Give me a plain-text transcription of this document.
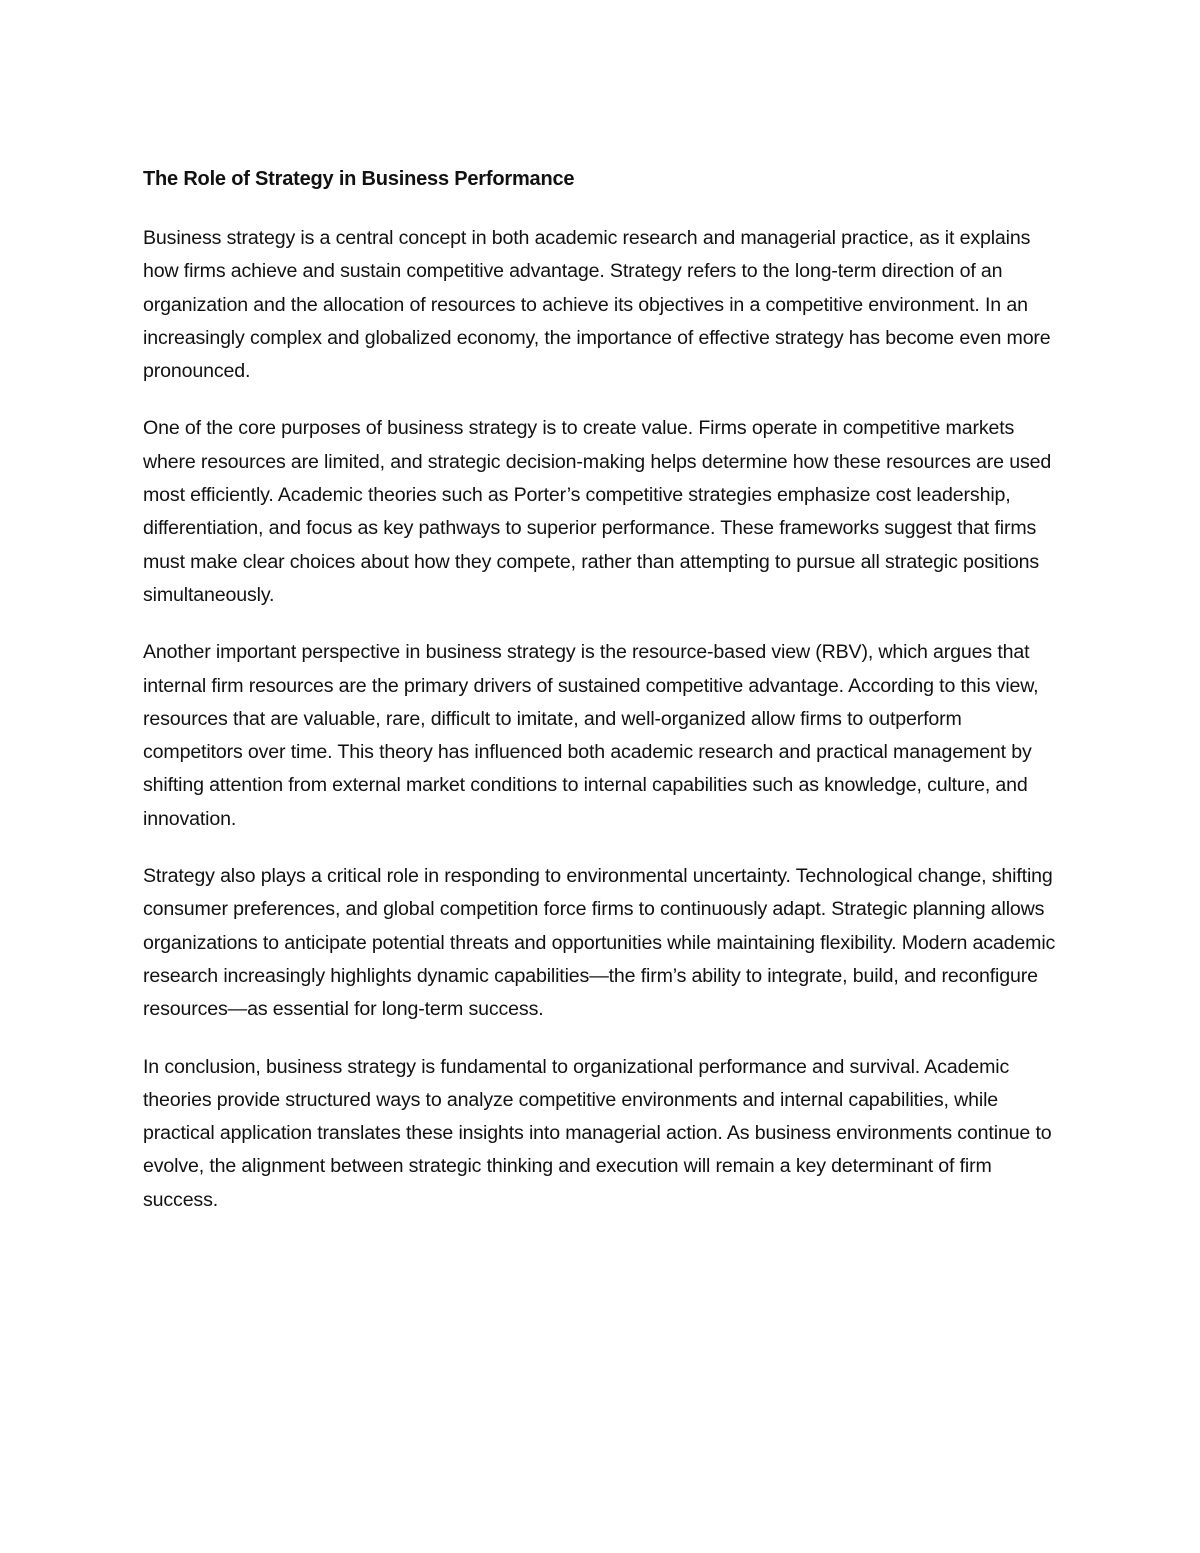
The Role of Strategy in Business Performance

Business strategy is a central concept in both academic research and managerial practice, as it explains how firms achieve and sustain competitive advantage. Strategy refers to the long-term direction of an organization and the allocation of resources to achieve its objectives in a competitive environment. In an increasingly complex and globalized economy, the importance of effective strategy has become even more pronounced.

One of the core purposes of business strategy is to create value. Firms operate in competitive markets where resources are limited, and strategic decision-making helps determine how these resources are used most efficiently. Academic theories such as Porter’s competitive strategies emphasize cost leadership, differentiation, and focus as key pathways to superior performance. These frameworks suggest that firms must make clear choices about how they compete, rather than attempting to pursue all strategic positions simultaneously.

Another important perspective in business strategy is the resource-based view (RBV), which argues that internal firm resources are the primary drivers of sustained competitive advantage. According to this view, resources that are valuable, rare, difficult to imitate, and well-organized allow firms to outperform competitors over time. This theory has influenced both academic research and practical management by shifting attention from external market conditions to internal capabilities such as knowledge, culture, and innovation.

Strategy also plays a critical role in responding to environmental uncertainty. Technological change, shifting consumer preferences, and global competition force firms to continuously adapt. Strategic planning allows organizations to anticipate potential threats and opportunities while maintaining flexibility. Modern academic research increasingly highlights dynamic capabilities—the firm’s ability to integrate, build, and reconfigure resources—as essential for long-term success.

In conclusion, business strategy is fundamental to organizational performance and survival. Academic theories provide structured ways to analyze competitive environments and internal capabilities, while practical application translates these insights into managerial action. As business environments continue to evolve, the alignment between strategic thinking and execution will remain a key determinant of firm success.
